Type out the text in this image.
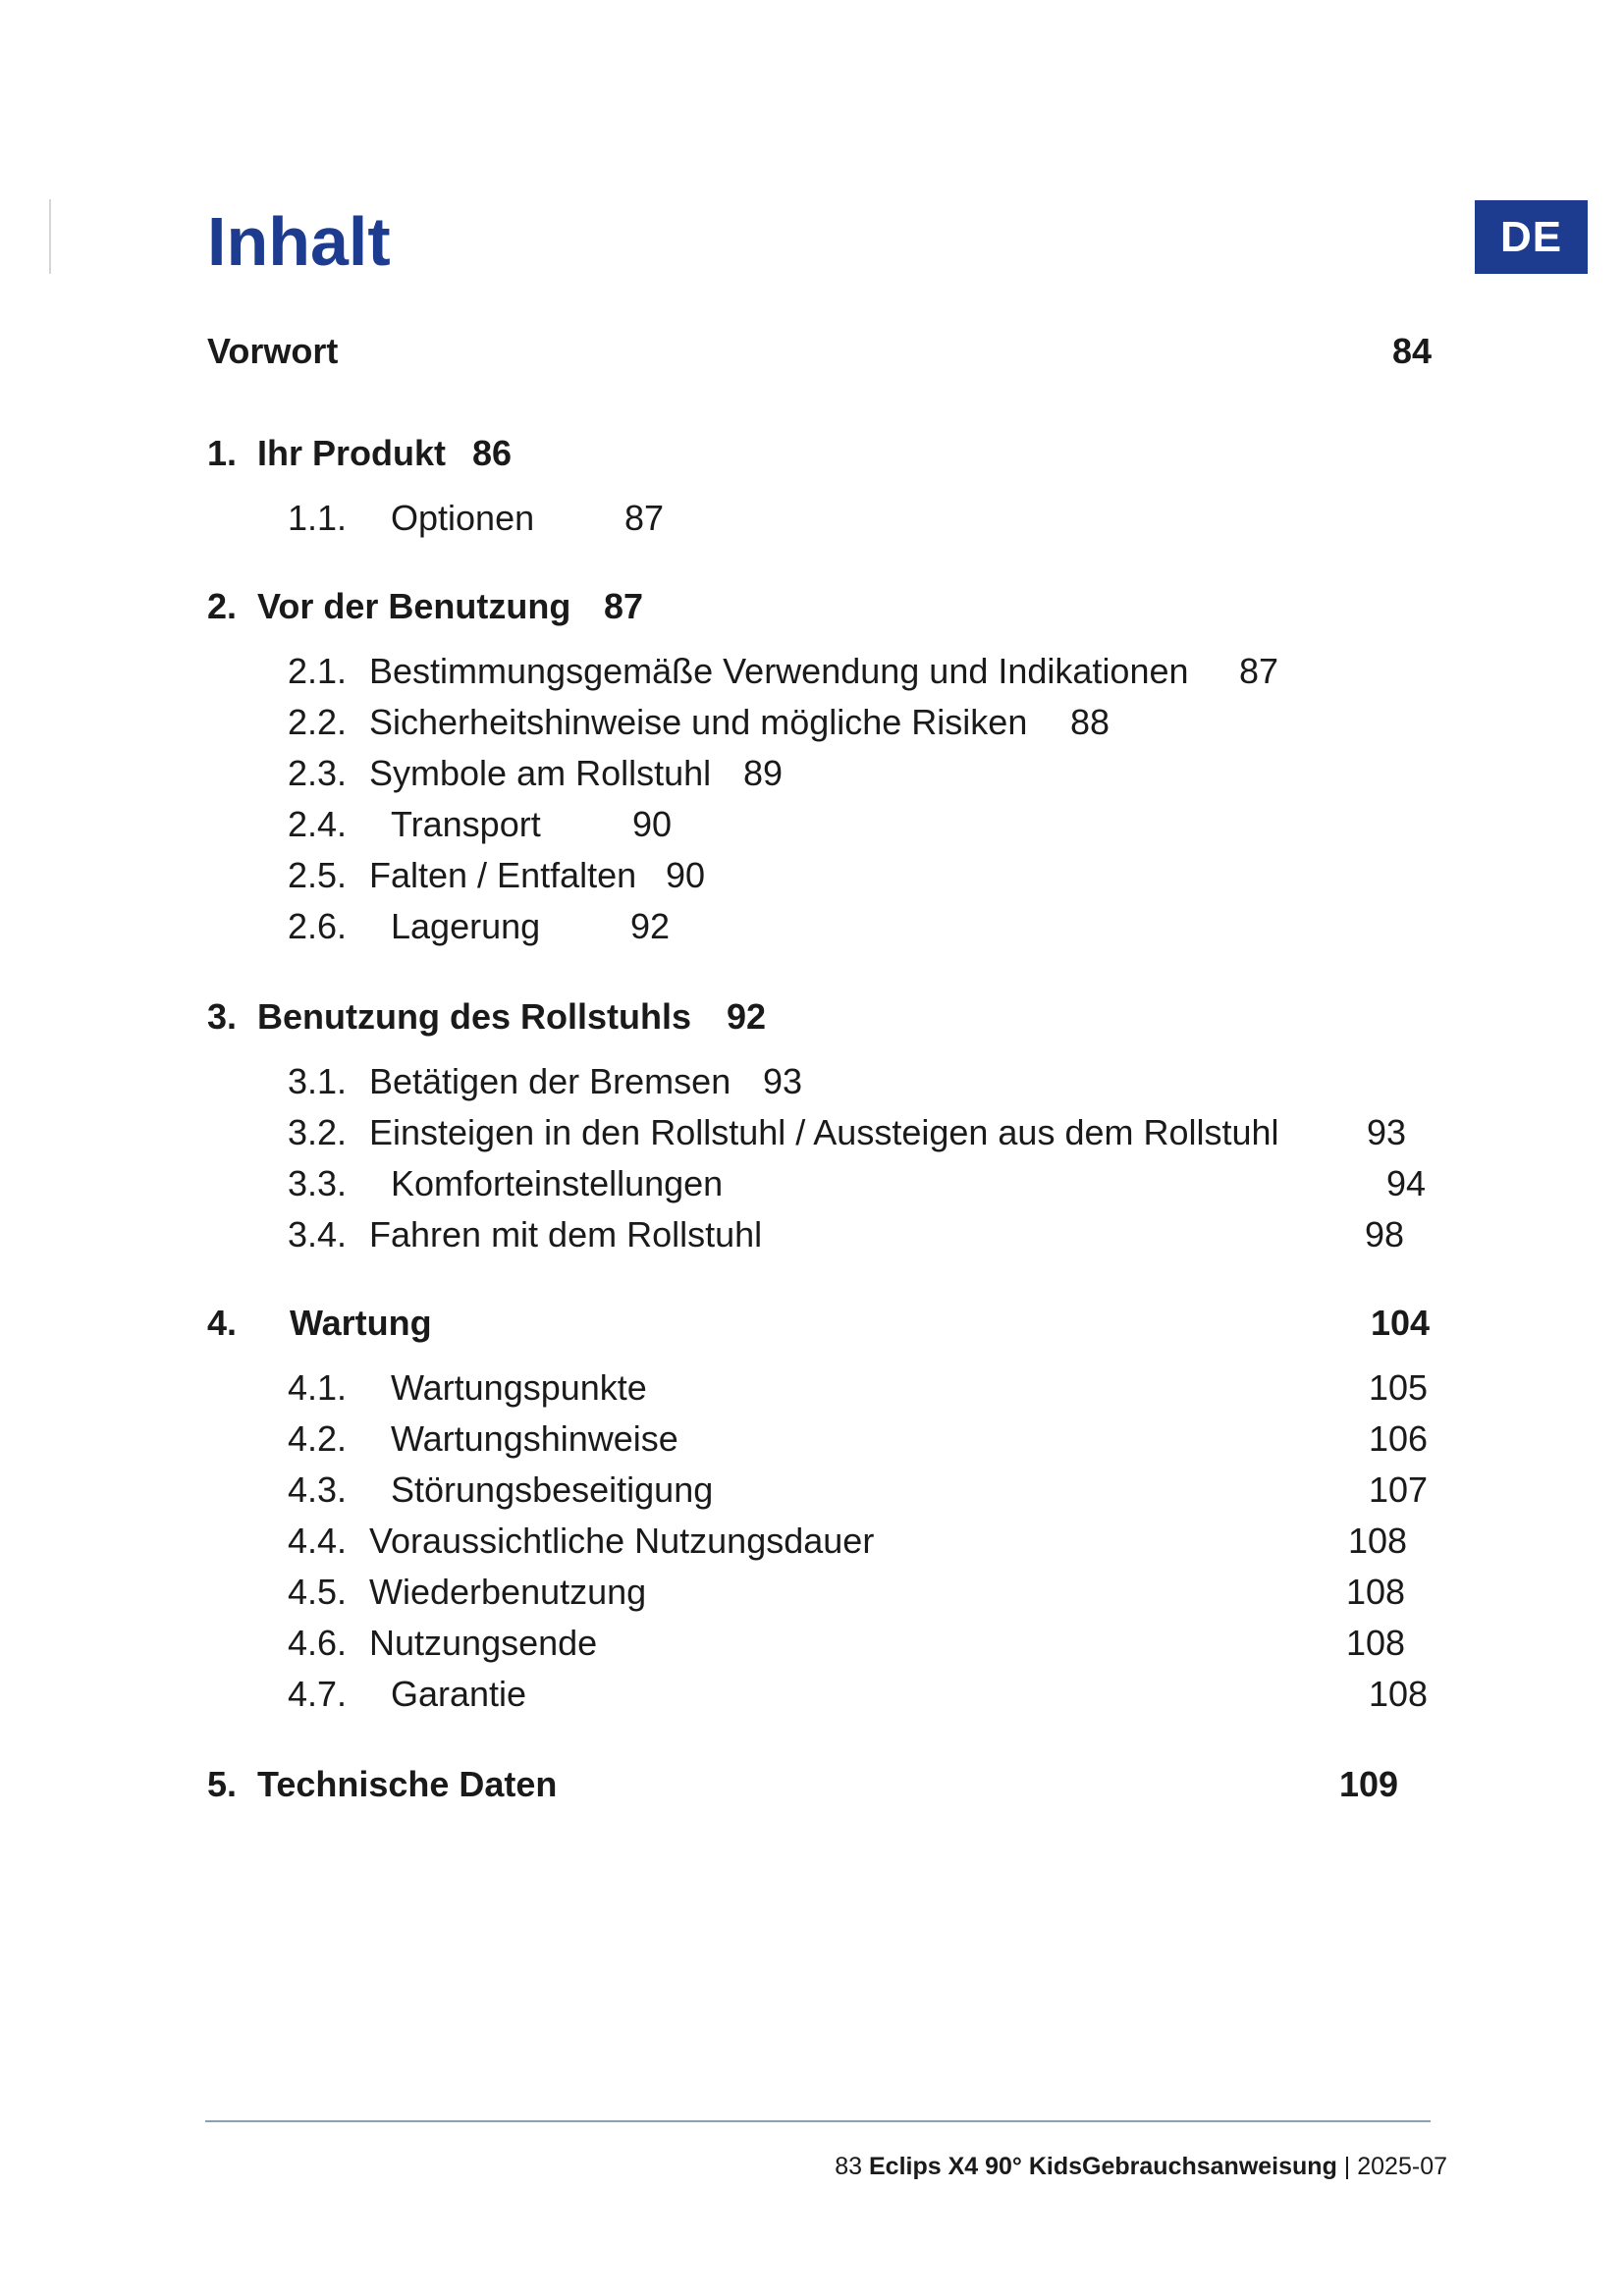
DE
Inhalt
Vorwort	84
1. Ihr Produkt 86
1.1. Optionen	87
2. Vor der Benutzung 87
2.1. Bestimmungsgemäße Verwendung und Indikationen 87
2.2. Sicherheitshinweise und mögliche Risiken 88
2.3. Symbole am Rollstuhl 89
2.4. Transport	90
2.5. Falten / Entfalten 90
2.6. Lagerung	92
3. Benutzung des Rollstuhls 92
3.1. Betätigen der Bremsen 93
3.2. Einsteigen in den Rollstuhl / Aussteigen aus dem Rollstuhl 93
3.3. Komforteinstellungen	94
3.4. Fahren mit dem Rollstuhl	98
4. Wartung	104
4.1. Wartungspunkte	105
4.2. Wartungshinweise	106
4.3. Störungsbeseitigung	107
4.4. Voraussichtliche Nutzungsdauer	108
4.5. Wiederbenutzung	108
4.6. Nutzungsende	108
4.7. Garantie	108
5. Technische Daten	109
83 Eclips X4 90° KidsGebrauchsanweisung | 2025-07
